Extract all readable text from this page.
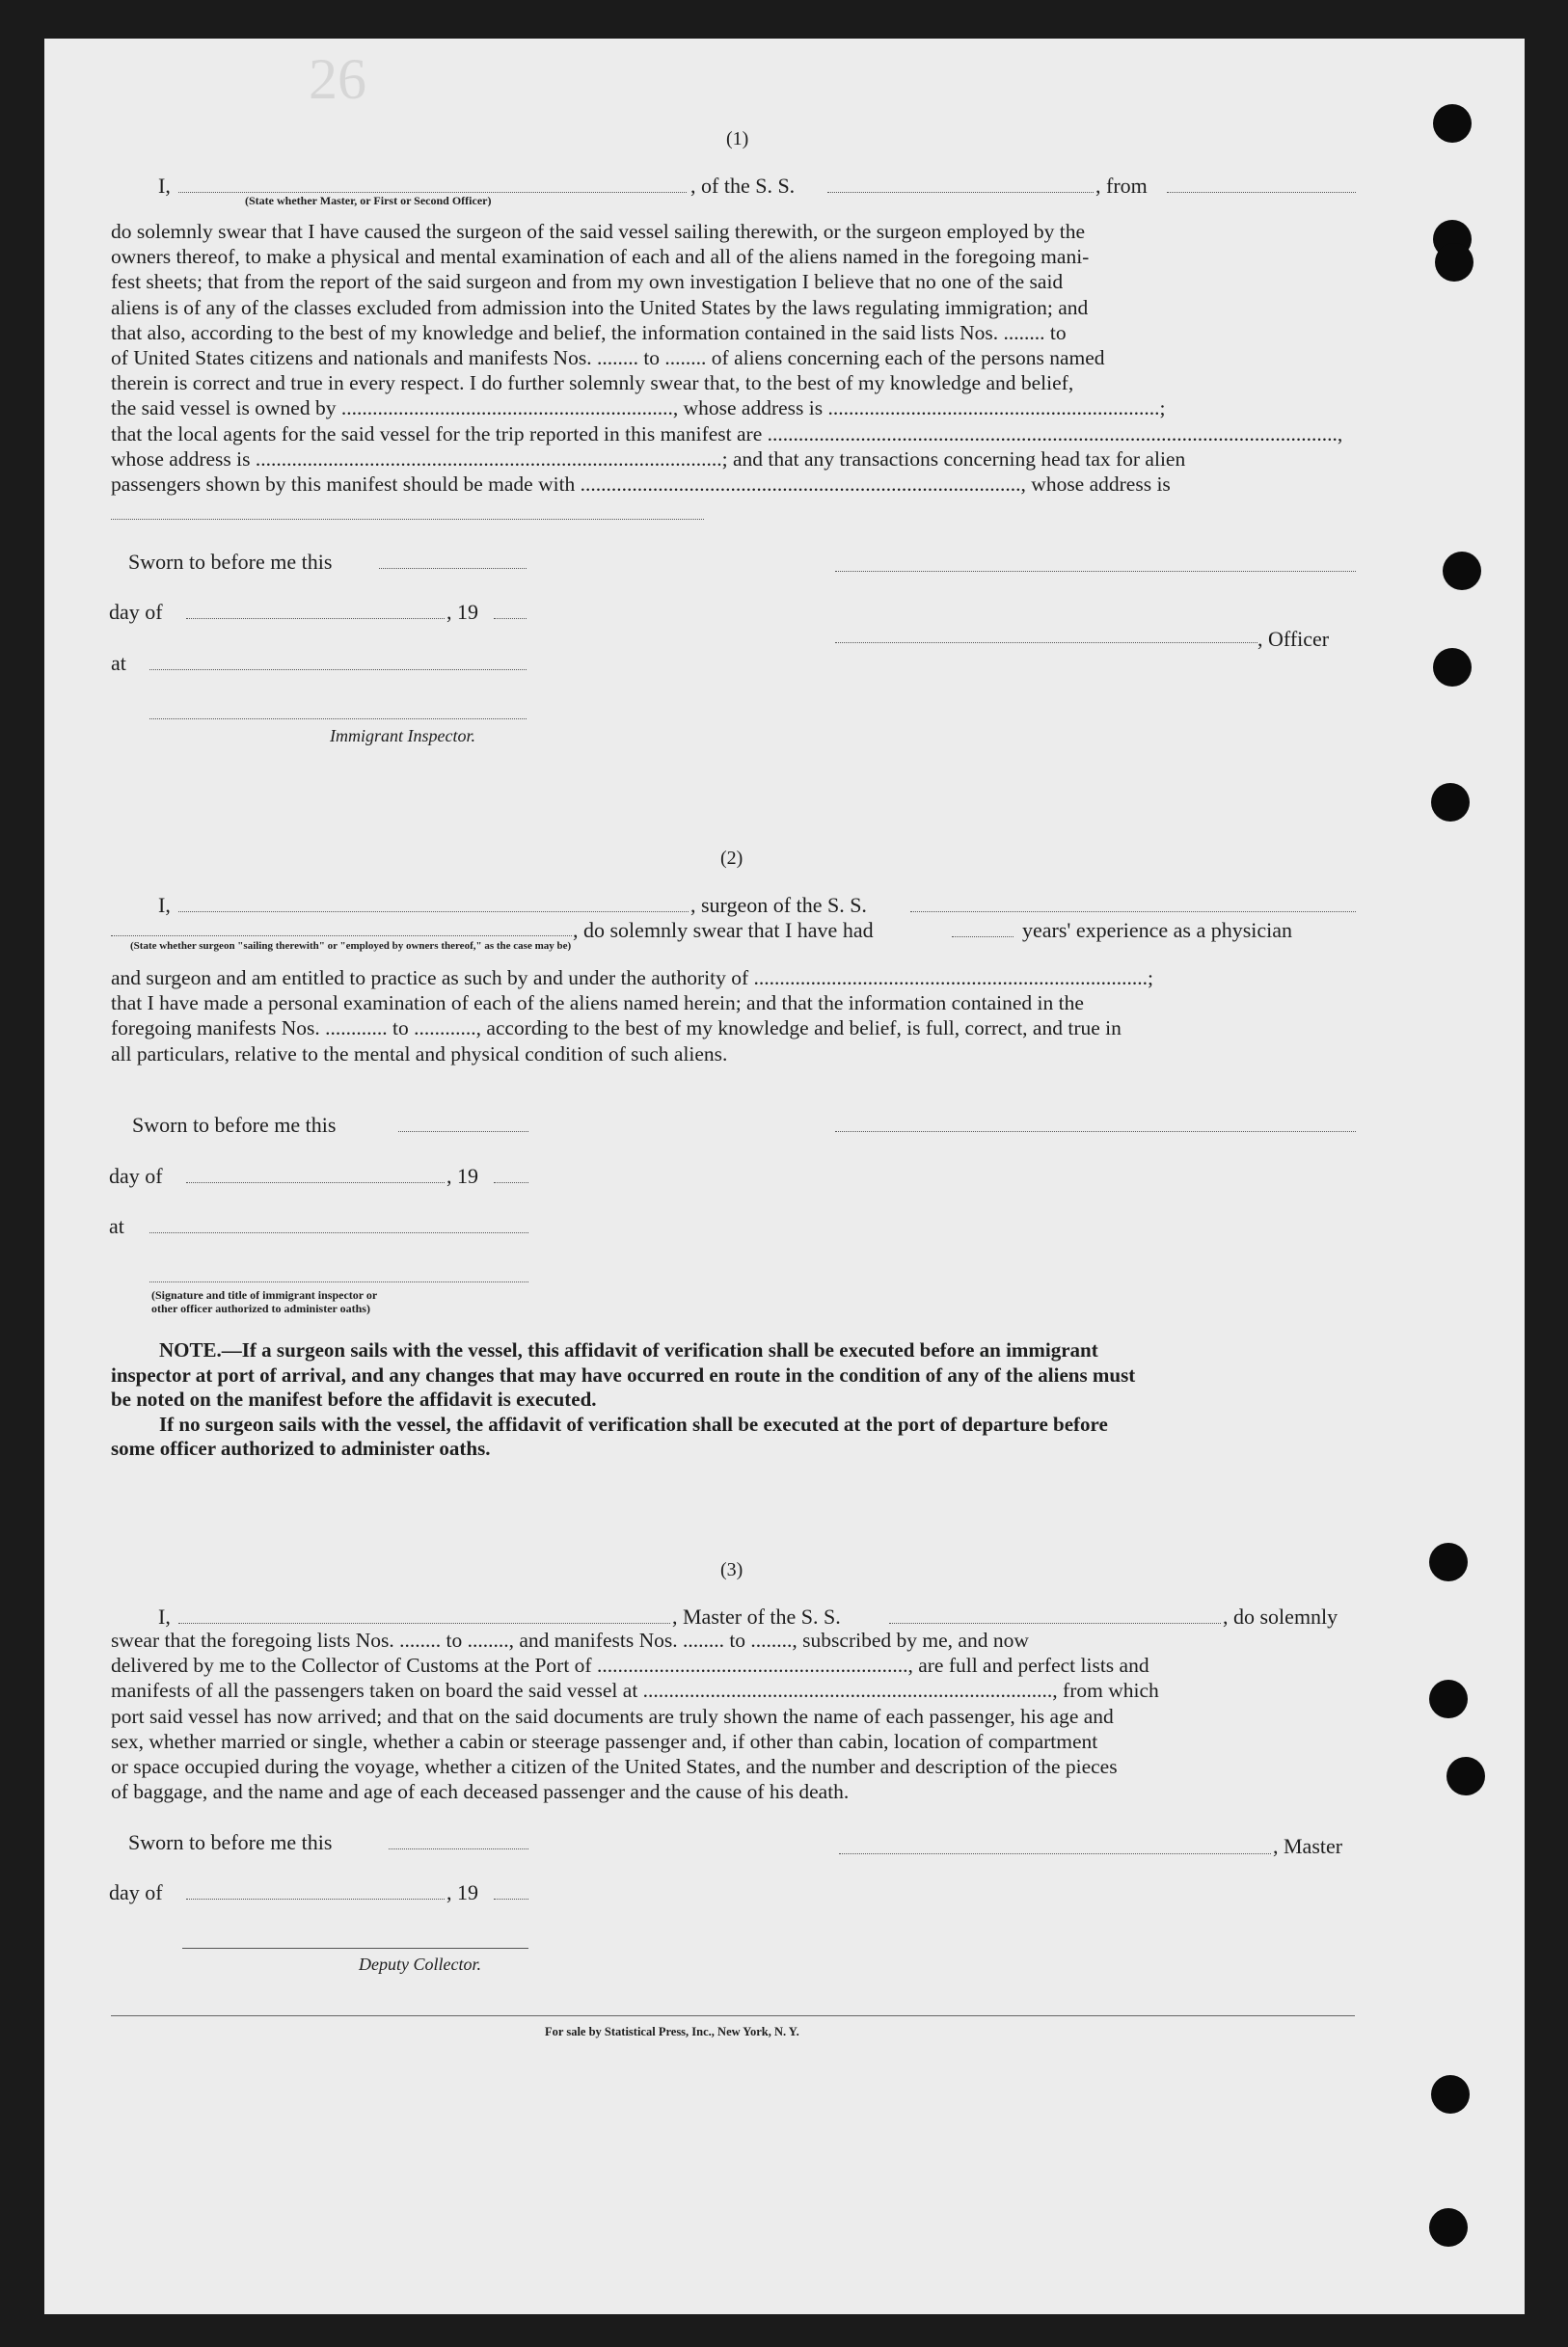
26
(1)
I,	, of the S. S.	, from
(State whether Master, or First or Second Officer)

do solemnly swear that I have caused the surgeon of the said vessel sailing therewith, or the surgeon employed by the

owners thereof, to make a physical and mental examination of each and all of the aliens named in the foregoing mani-

fest sheets; that from the report of the said surgeon and from my own investigation I believe that no one of the said

aliens is of any of the classes excluded from admission into the United States by the laws regulating immigration; and

that also, according to the best of my knowledge and belief, the information contained in the said lists Nos. ........ to

of United States citizens and nationals and manifests Nos. ........ to ........ of aliens concerning each of the persons named

therein is correct and true in every respect. I do further solemnly swear that, to the best of my knowledge and belief,

the said vessel is owned by ................................................................, whose address is ................................................................;

that the local agents for the said vessel for the trip reported in this manifest are ..............................................................................................................,

whose address is ..........................................................................................; and that any transactions concerning head tax for alien

passengers shown by this manifest should be made with ....................................................................................., whose address is

Sworn to before me this
day of	, 19
, Officer
at
Immigrant Inspector.
(2)
I,	, surgeon of the S. S.
, do solemnly swear that I have had	years' experience as a physician
(State whether surgeon "sailing therewith" or "employed by owners thereof," as the case may be)

and surgeon and am entitled to practice as such by and under the authority of ............................................................................;

that I have made a personal examination of each of the aliens named herein; and that the information contained in the

foregoing manifests Nos. ............ to ............, according to the best of my knowledge and belief, is full, correct, and true in

all particulars, relative to the mental and physical condition of such aliens.

Sworn to before me this
day of	, 19
at
(Signature and title of immigrant inspector or
other officer authorized to administer oaths)
NOTE.—If a surgeon sails with the vessel, this affidavit of verification shall be executed before an immigrant
inspector at port of arrival, and any changes that may have occurred en route in the condition of any of the aliens must
be noted on the manifest before the affidavit is executed.
If no surgeon sails with the vessel, the affidavit of verification shall be executed at the port of departure before
some officer authorized to administer oaths.
(3)
I,	, Master of the S. S.	, do solemnly

swear that the foregoing lists Nos. ........ to ........, and manifests Nos. ........ to ........, subscribed by me, and now

delivered by me to the Collector of Customs at the Port of ............................................................, are full and perfect lists and

manifests of all the passengers taken on board the said vessel at ..............................................................................., from which

port said vessel has now arrived; and that on the said documents are truly shown the name of each passenger, his age and

sex, whether married or single, whether a cabin or steerage passenger and, if other than cabin, location of compartment

or space occupied during the voyage, whether a citizen of the United States, and the number and description of the pieces

of baggage, and the name and age of each deceased passenger and the cause of his death.

Sworn to before me this	, Master
day of	, 19
Deputy Collector.
For sale by Statistical Press, Inc., New York, N. Y.
